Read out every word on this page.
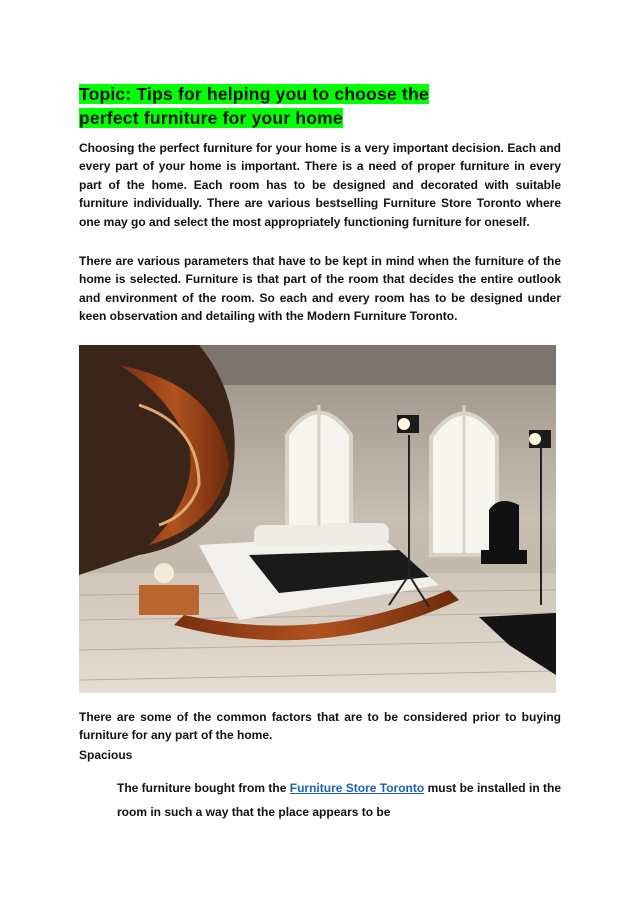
Topic: Tips for helping you to choose the
perfect furniture for your home
Choosing the perfect furniture for your home is a very important decision. Each and every part of your home is important. There is a need of proper furniture in every part of the home. Each room has to be designed and decorated with suitable furniture individually. There are various bestselling Furniture Store Toronto where one may go and select the most appropriately functioning furniture for oneself.
There are various parameters that have to be kept in mind when the furniture of the home is selected. Furniture is that part of the room that decides the entire outlook and environment of the room. So each and every room has to be designed under keen observation and detailing with the Modern Furniture Toronto.
There are some of the common factors that are to be considered prior to buying furniture for any part of the home.
Spacious
The furniture bought from the Furniture Store Toronto must be installed in the room in such a way that the place appears to be
